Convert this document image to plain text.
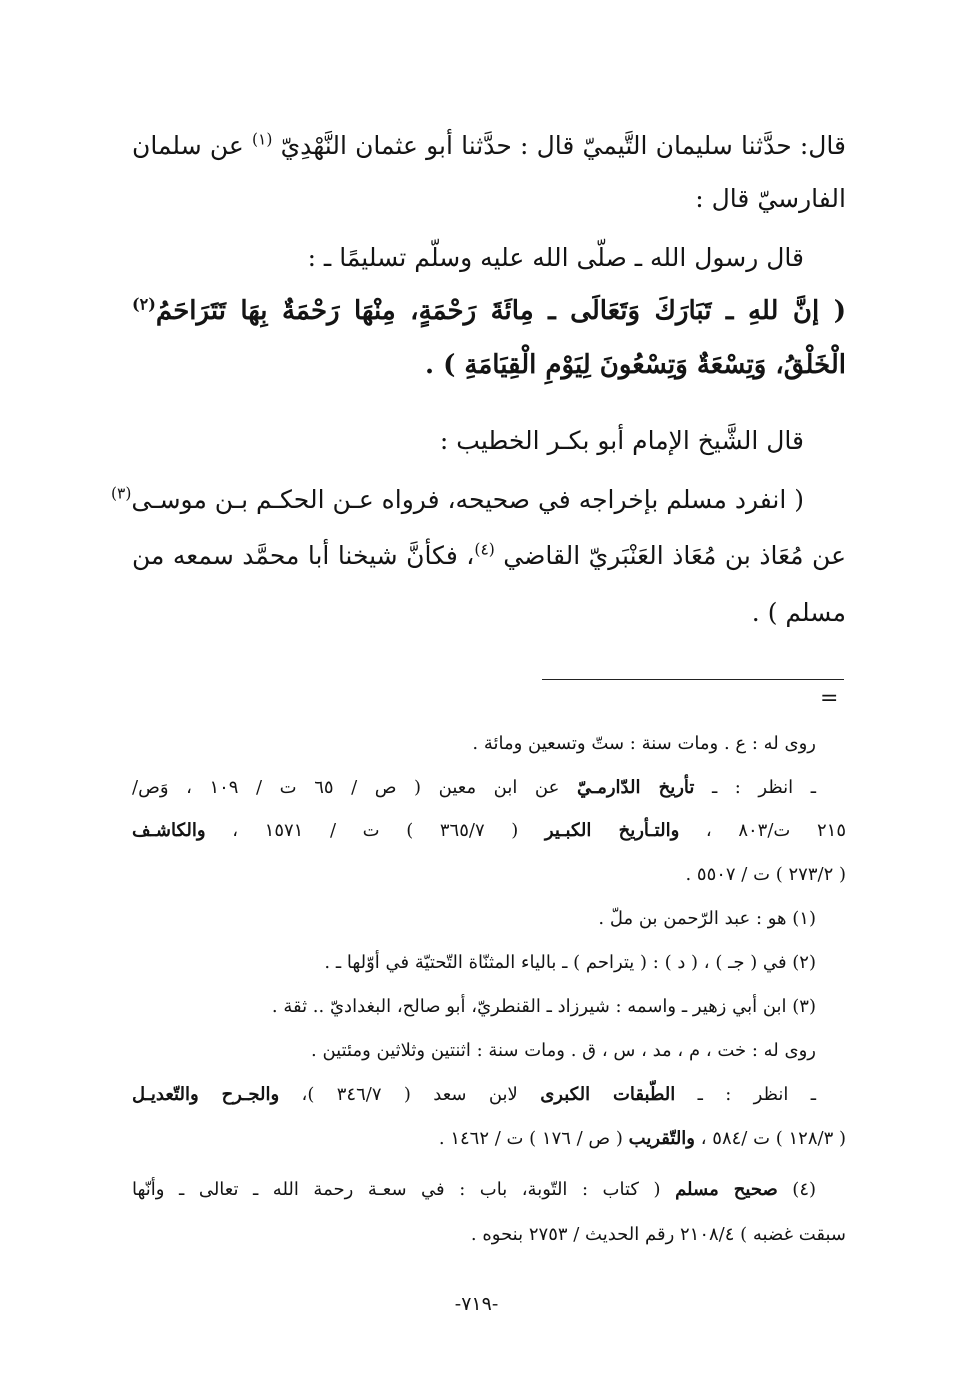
قال: حدَّثنا سليمان التَّيميّ قال : حدَّثنا أبو عثمان النَّهْدِيّ $^{(١)}$ عن سلمان
الفارسيّ قال :
قال رسول الله ـ صلّى الله عليه وسلّم تسليمًا ـ :
( إنَّ للهِ ـ تَبَارَكَ وَتَعَالَى ـ مِائَةَ رَحْمَةٍ، مِنْهَا رَحْمَةٌ بِهَا تَتَرَاحَمُ$^{(٢)}$
الْخَلْقُ، وَتِسْعَةٌ وَتِسْعُونَ لِيَوْمِ الْقِيَامَةِ ) .
قال الشَّيخ الإمام أبو بكـر الخطيب :
( انفرد مسلم بإخراجه في صحيحه، فرواه عـن الحكـم بـن موسـى$^{(٣)}$
عن مُعَاذ بن مُعَاذ العَنْبَريّ القاضي $^{(٤)}$، فكأنَّ شيخنا أبا محمَّد سمعه من
مسلم ) .
=
روى له : ع . ومات سنة : ستّ وتسعين ومائة .
ـ انظر : ـ تأريخ الدّارمـيّ عن ابن معين ( ص / ٦٥ ت / ١٠٩ ، وَص/
٢١٥ ت/٨٠٣ ، والتـأريخ الكبـير ( ٣٦٥/٧ ) ت / ١٥٧١ ، والكاشـف
( ٢٧٣/٢ ) ت / ٥٥٠٧ .
(١) هو : عبد الرّحمن بن ملّ .
(٢) في ( جـ ) ، ( د ) : ( يتراحم ) ـ بالياء المثنّاة التّحتيّة في أوّلها ـ .
(٣) ابن أبي زهير ـ واسمه : شيرزاد ـ القنطريّ، أبو صالح، البغداديّ .. ثقة .
روى له : خت ، م ، مد ، س ، ق . ومات سنة : اثنتين وثلاثين ومئتين .
ـ انظر : ـ الطّبقات الكبرى لابن سعد ( ٣٤٦/٧ )، والجـرح والتّعديـل
( ١٢٨/٣ ) ت /٥٨٤ ، والتّقريب ( ص / ١٧٦ ) ت / ١٤٦٢ .
(٤) صحيح مسلم ( كتاب : التّوبة، باب : في سعـة رحمة الله ـ تعالى ـ وأنّها
سبقت غضبه ) ٢١٠٨/٤ رقم الحديث / ٢٧٥٣ بنحوه .
-٧١٩-
